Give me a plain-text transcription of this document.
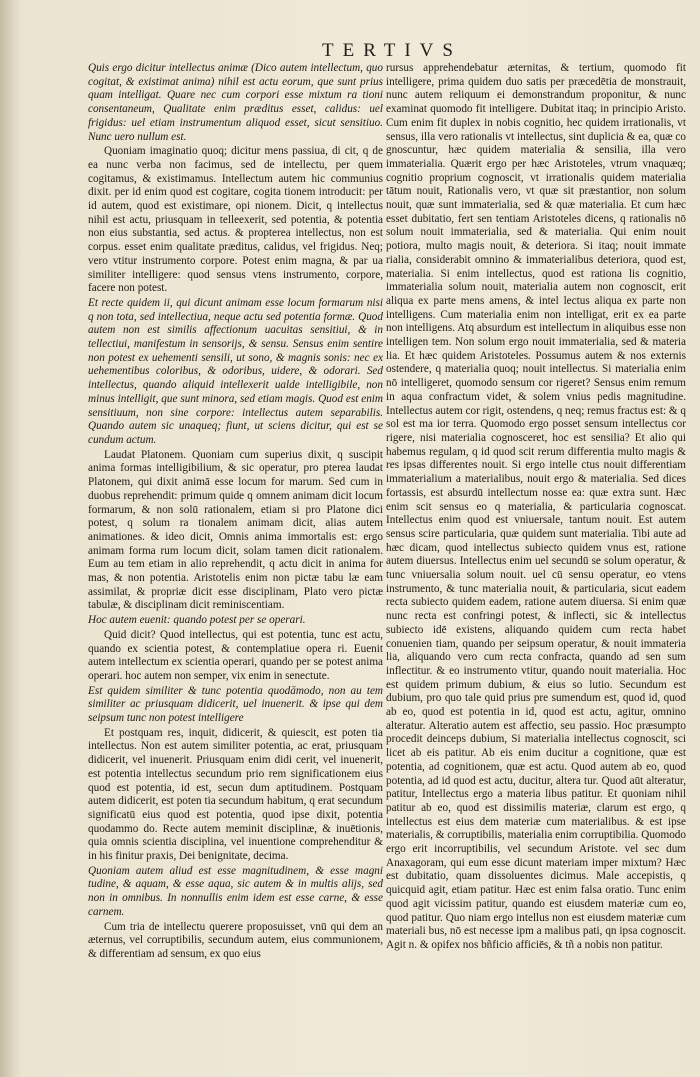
TERTIVS

Quis ergo dicitur intellectus animæ (Dico autem intellectum, quo cogitat, & existimat anima) nihil est actu eorum, que sunt prius quam intelligat. Quare nec cum corpori esse mixtum ra tioni consentaneum, Qualitate enim præditus esset, calidus: uel frigidus: uel etiam instrumentum aliquod esset, sicut sensitiuo. Nunc uero nullum est.

Quoniam imaginatio quoq; dicitur mens passiua, di cit, q de ea nunc verba non facimus, sed de intellectu, per quem cogitamus, & existimamus. Intellectum autem hic communius dixit. per id enim quod est cogitare, cogita tionem introducit: per id autem, quod est existimare, opi nionem. Dicit, q intellectus nihil est actu, priusquam in telleexerit, sed potentia, & potentia non eius substantia, sed actus. & propterea intellectus, non est corpus. esset enim qualitate præditus, calidus, vel frigidus. Neq; vero vtitur instrumento corpore. Potest enim magna, & par ua similiter intelligere: quod sensus vtens instrumento, corpore, facere non potest.

Et recte quidem ii, qui dicunt animam esse locum formarum nisi q non tota, sed intellectiua, neque actu sed potentia formæ. Quod autem non est similis affectionum uacuitas sensitiui, & in tellectiui, manifestum in sensorijs, & sensu. Sensus enim sentire non potest ex uehementi sensili, ut sono, & magnis sonis: nec ex uehementibus coloribus, & odoribus, uidere, & odorari. Sed intellectus, quando aliquid intellexerit ualde intelligibile, non minus intelligit, que sunt minora, sed etiam magis. Quod est enim sensitiuum, non sine corpore: intellectus autem separabilis. Quando autem sic unaqueq; fiunt, ut sciens dicitur, qui est se cundum actum.

Laudat Platonem. Quoniam cum superius dixit, q suscipit anima formas intelligibilium, & sic operatur, pro pterea laudat Platonem, qui dixit animā esse locum for marum. Sed cum in duobus reprehendit: primum quide q omnem animam dicit locum formarum, & non solū rationalem, etiam si pro Platone dici potest, q solum ra tionalem animam dicit, alias autem animationes. & ideo dicit, Omnis anima immortalis est: ergo animam forma rum locum dicit, solam tamen dicit rationalem. Eum au tem etiam in alio reprehendit, q actu dicit in anima for mas, & non potentia. Aristotelis enim non pictæ tabu læ eam assimilat, & propriæ dicit esse disciplinam, Plato vero pictæ tabulæ, & disciplinam dicit reminiscentiam.

Hoc autem euenit: quando potest per se operari.

Quid dicit? Quod intellectus, qui est potentia, tunc est actu, quando ex scientia potest, & contemplatiue opera ri. Euenit autem intellectum ex scientia operari, quando per se potest anima operari. hoc autem non semper, vix enim in senectute.

Est quidem similiter & tunc potentia quodāmodo, non au tem similiter ac priusquam didicerit, uel inuenerit. & ipse qui dem seipsum tunc non potest intelligere

Et postquam res, inquit, didicerit, & quiescit, est poten tia intellectus. Non est autem similiter potentia, ac erat, priusquam didicerit, vel inuenerit. Priusquam enim didi cerit, vel inuenerit, est potentia intellectus secundum prio rem significationem eius quod est potentia, id est, secun dum aptitudinem. Postquam autem didicerit, est poten tia secundum habitum, q erat secundum significatū eius quod est potentia, quod ipse dixit, potentia quodammo do. Recte autem meminit disciplinæ, & inuētionis, quia omnis scientia disciplina, vel inuentione comprehenditur & in his finitur praxis, Dei benignitate, decima.

Quoniam autem aliud est esse magnitudinem, & esse magni tudine, & aquam, & esse aqua, sic autem & in multis alijs, sed non in omnibus. In nonnullis enim idem est esse carne, & esse carnem.

Cum tria de intellectu querere proposuisset, vnū qui dem an æternus, vel corruptibilis, secundum autem, eius communionem, & differentiam ad sensum, ex quo eius

rursus apprehendebatur æternitas, & tertium, quomodo fit intelligere, prima quidem duo satis per præcedētia de monstrauit, nunc autem reliquum ei demonstrandum proponitur, & nunc examinat quomodo fit intelligere. Dubitat itaq; in principio Aristo. Cum enim fit duplex in nobis cognitio, hec quidem irrationalis, vt sensus, illa vero rationalis vt intellectus, sint duplicia & ea, quæ co gnoscuntur, hæc quidem materialia & sensilia, illa vero immaterialia. Quærit ergo per hæc Aristoteles, vtrum vnaquæq; cognitio proprium cognoscit, vt irrationalis quidem materialia tātum nouit, Rationalis vero, vt quæ sit præstantior, non solum nouit, quæ sunt immaterialia, sed & quæ materialia. Et cum hæc esset dubitatio, fert sen tentiam Aristoteles dicens, q rationalis nō solum nouit immaterialia, sed & materialia. Qui enim nouit potiora, multo magis nouit, & deteriora. Si itaq; nouit immate rialia, considerabit omnino & immaterialibus deteriora, quod est, materialia. Si enim intellectus, quod est rationa lis cognitio, immaterialia solum nouit, materialia autem non cognoscit, erit aliqua ex parte mens amens, & intel lectus aliqua ex parte non intelligens. Cum materialia enim non intelligat, erit ex ea parte non intelligens. Atq absurdum est intellectum in aliquibus esse non intelligen tem. Non solum ergo nouit immaterialia, sed & materia lia. Et hæc quidem Aristoteles. Possumus autem & nos externis ostendere, q materialia quoq; nouit intellectus. Si materialia enim nō intelligeret, quomodo sensum cor rigeret? Sensus enim remum in aqua confractum videt, & solem vnius pedis magnitudine. Intellectus autem cor rigit, ostendens, q neq; remus fractus est: & q sol est ma ior terra. Quomodo ergo posset sensum intellectus cor rigere, nisi materialia cognosceret, hoc est sensilia? Et alio qui habemus regulam, q id quod scit rerum differentia multo magis & res ipsas differentes nouit. Si ergo intelle ctus nouit differentiam immaterialium a materialibus, nouit ergo & materialia. Sed dices fortassis, est absurdū intellectum nosse ea: quæ extra sunt. Hæc enim scit sensus eo q materialia, & particularia cognoscat. Intellectus enim quod est vniuersale, tantum nouit. Est autem sensus scire particularia, quæ quidem sunt materialia. Tibi aute ad hæc dicam, quod intellectus subiecto quidem vnus est, ratione autem diuersus. Intellectus enim uel secundū se solum operatur, & tunc vniuersalia solum nouit. uel cū sensu operatur, eo vtens instrumento, & tunc materialia nouit, & particularia, sicut eadem recta subiecto quidem eadem, ratione autem diuersa. Si enim quæ nunc recta est confringi potest, & inflecti, sic & intellectus subiecto idē existens, aliquando quidem cum recta habet conuenien tiam, quando per seipsum operatur, & nouit immateria lia, aliquando vero cum recta confracta, quando ad sen sum inflectitur. & eo instrumento vtitur, quando nouit materialia. Hoc est quidem primum dubium, & eius so lutio. Secundum est dubium, pro quo tale quid prius pre sumendum est, quod id, quod ab eo, quod est potentia in id, quod est actu, agitur, omnino alteratur. Alteratio autem est affectio, seu passio. Hoc præsumpto procedit deinceps dubium, Si materialia intellectus cognoscit, sci licet ab eis patitur. Ab eis enim ducitur a cognitione, quæ est potentia, ad cognitionem, quæ est actu. Quod autem ab eo, quod potentia, ad id quod est actu, ducitur, altera tur. Quod aūt alteratur, patitur, Intellectus ergo a materia libus patitur. Et quoniam nihil patitur ab eo, quod est dissimilis materiæ, clarum est ergo, q intellectus est eius dem materiæ cum materialibus. & est ipse materialis, & corruptibilis, materialia enim corruptibilia. Quomodo ergo erit incorruptibilis, vel secundum Aristote. vel sec dum Anaxagoram, qui eum esse dicunt materiam imper mixtum? Hæc est dubitatio, quam dissoluentes dicimus. Male accepistis, q quicquid agit, etiam patitur. Hæc est enim falsa oratio. Tunc enim quod agit vicissim patitur, quando est eiusdem materiæ cum eo, quod patitur. Quo niam ergo intellus non est eiusdem materiæ cum materiali bus, nō est necesse ipm a malibus pati, qn ipsa cognoscit. Agit n. & opifex nos bñficio afficiēs, & tñ a nobis non patitur.
